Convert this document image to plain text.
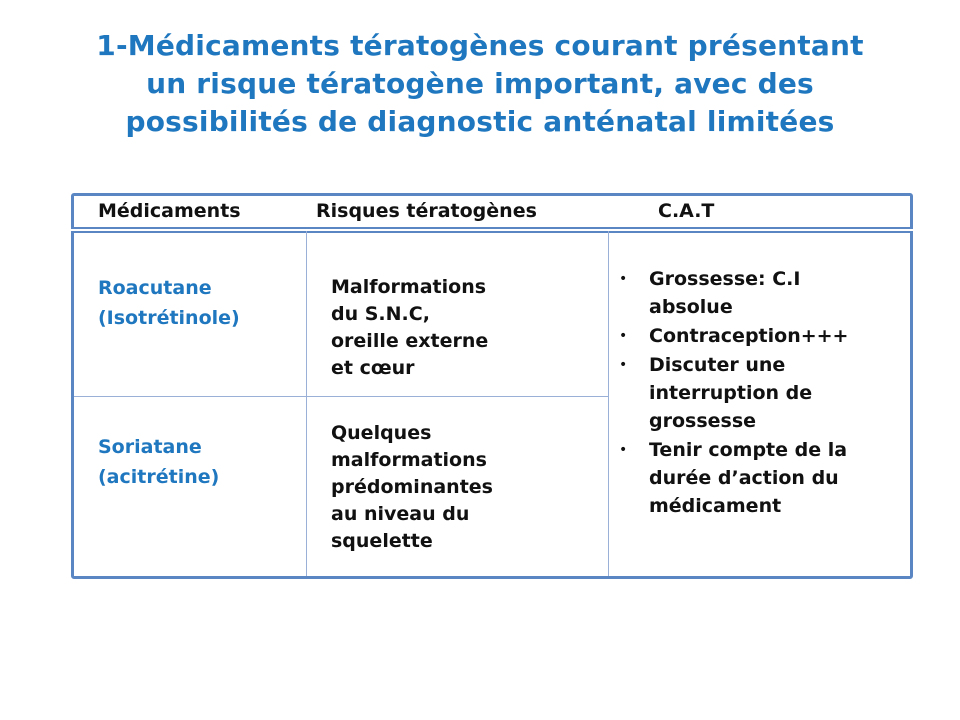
1-Médicaments tératogènes courant présentant
un risque tératogène important, avec des
possibilités de diagnostic anténatal limitées
Médicaments	Risques tératogènes	C.A.T
Roacutane
(Isotrétinole)
Malformations
du S.N.C,
oreille externe
et cœur
Soriatane
(acitrétine)
Quelques
malformations
prédominantes
au niveau du
squelette
• Grossesse: C.I
absolue
• Contraception+++
• Discuter une
interruption de
grossesse
• Tenir compte de la
durée d’action du
médicament
